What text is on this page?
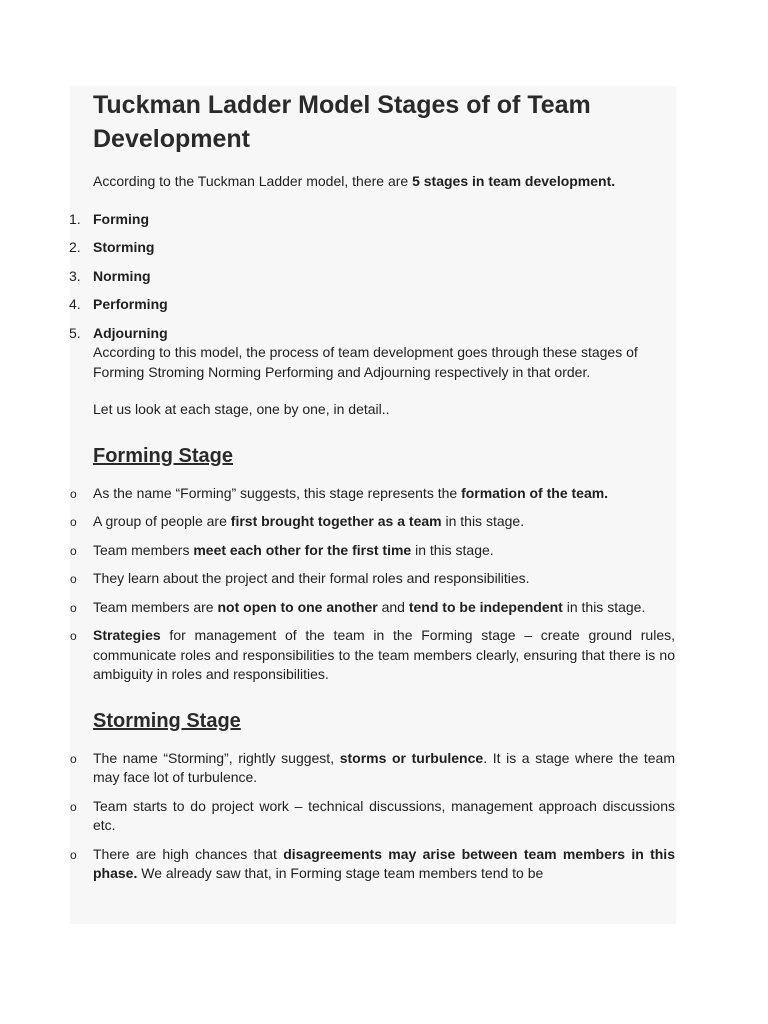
Tuckman Ladder Model Stages of of Team Development

According to the Tuckman Ladder model, there are 5 stages in team development.

1. Forming
2. Storming
3. Norming
4. Performing
5. Adjourning

According to this model, the process of team development goes through these stages of Forming Stroming Norming Performing and Adjourning respectively in that order.

Let us look at each stage, one by one, in detail..

Forming Stage
o As the name “Forming” suggests, this stage represents the formation of the team.
o A group of people are first brought together as a team in this stage.
o Team members meet each other for the first time in this stage.
o They learn about the project and their formal roles and responsibilities.
o Team members are not open to one another and tend to be independent in this stage.
o Strategies for management of the team in the Forming stage – create ground rules, communicate roles and responsibilities to the team members clearly, ensuring that there is no ambiguity in roles and responsibilities.
Storming Stage
o The name “Storming”, rightly suggest, storms or turbulence. It is a stage where the team may face lot of turbulence.
o Team starts to do project work – technical discussions, management approach discussions etc.
o There are high chances that disagreements may arise between team members in this phase. We already saw that, in Forming stage team members tend to be
